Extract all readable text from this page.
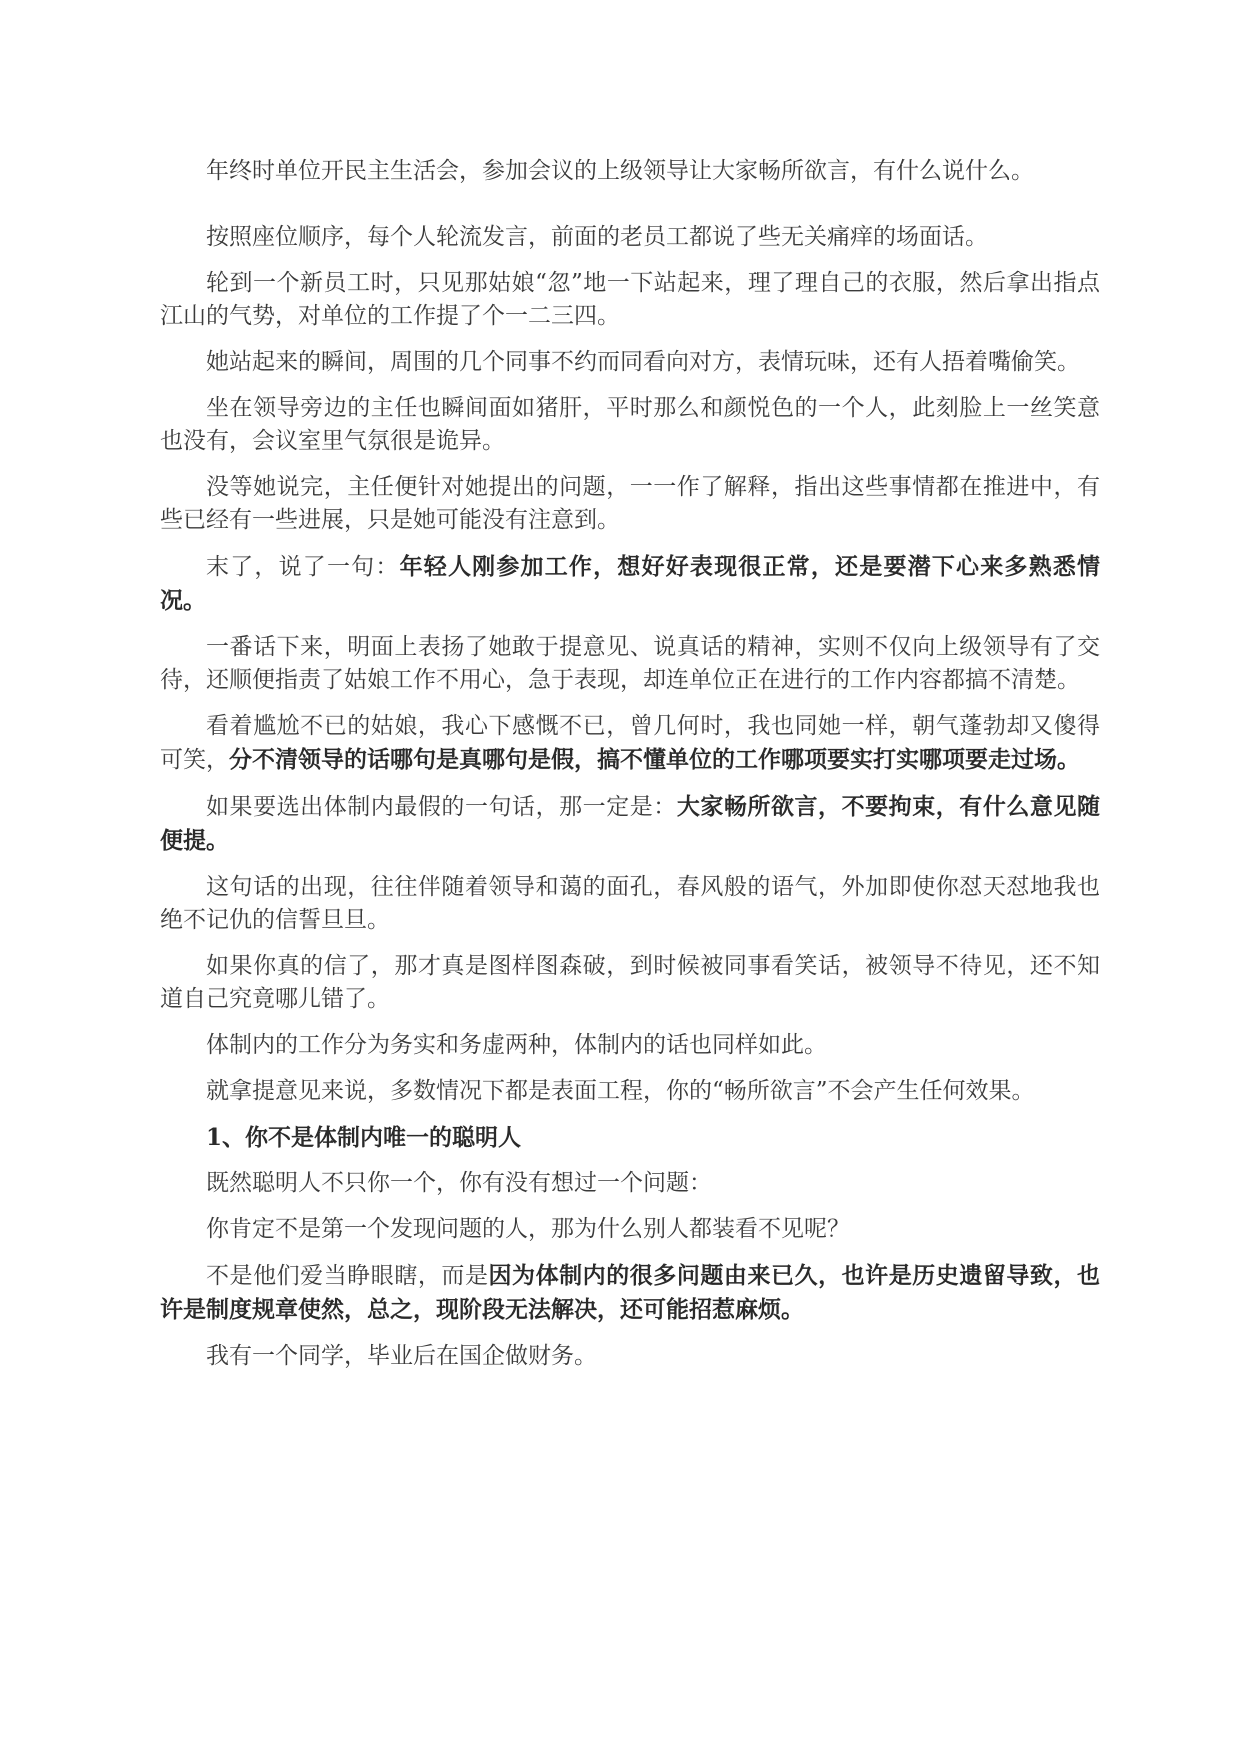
年终时单位开民主生活会，参加会议的上级领导让大家畅所欲言，有什么说什么。

按照座位顺序，每个人轮流发言，前面的老员工都说了些无关痛痒的场面话。

轮到一个新员工时，只见那姑娘“忽”地一下站起来，理了理自己的衣服，然后拿出指点江山的气势，对单位的工作提了个一二三四。

她站起来的瞬间，周围的几个同事不约而同看向对方，表情玩味，还有人捂着嘴偷笑。

坐在领导旁边的主任也瞬间面如猪肝，平时那么和颜悦色的一个人，此刻脸上一丝笑意也没有，会议室里气氛很是诡异。

没等她说完，主任便针对她提出的问题，一一作了解释，指出这些事情都在推进中，有些已经有一些进展，只是她可能没有注意到。

末了，说了一句：年轻人刚参加工作，想好好表现很正常，还是要潜下心来多熟悉情况。

一番话下来，明面上表扬了她敢于提意见、说真话的精神，实则不仅向上级领导有了交待，还顺便指责了姑娘工作不用心，急于表现，却连单位正在进行的工作内容都搞不清楚。

看着尴尬不已的姑娘，我心下感慨不已，曾几何时，我也同她一样，朝气蓬勃却又傻得可笑，分不清领导的话哪句是真哪句是假，搞不懂单位的工作哪项要实打实哪项要走过场。

如果要选出体制内最假的一句话，那一定是：大家畅所欲言，不要拘束，有什么意见随便提。

这句话的出现，往往伴随着领导和蔼的面孔，春风般的语气，外加即使你怼天怼地我也绝不记仇的信誓旦旦。

如果你真的信了，那才真是图样图森破，到时候被同事看笑话，被领导不待见，还不知道自己究竟哪儿错了。

体制内的工作分为务实和务虚两种，体制内的话也同样如此。

就拿提意见来说，多数情况下都是表面工程，你的“畅所欲言”不会产生任何效果。

1、你不是体制内唯一的聪明人

既然聪明人不只你一个，你有没有想过一个问题：

你肯定不是第一个发现问题的人，那为什么别人都装看不见呢？

不是他们爱当睁眼瞎，而是因为体制内的很多问题由来已久，也许是历史遗留导致，也许是制度规章使然，总之，现阶段无法解决，还可能招惹麻烦。

我有一个同学，毕业后在国企做财务。
